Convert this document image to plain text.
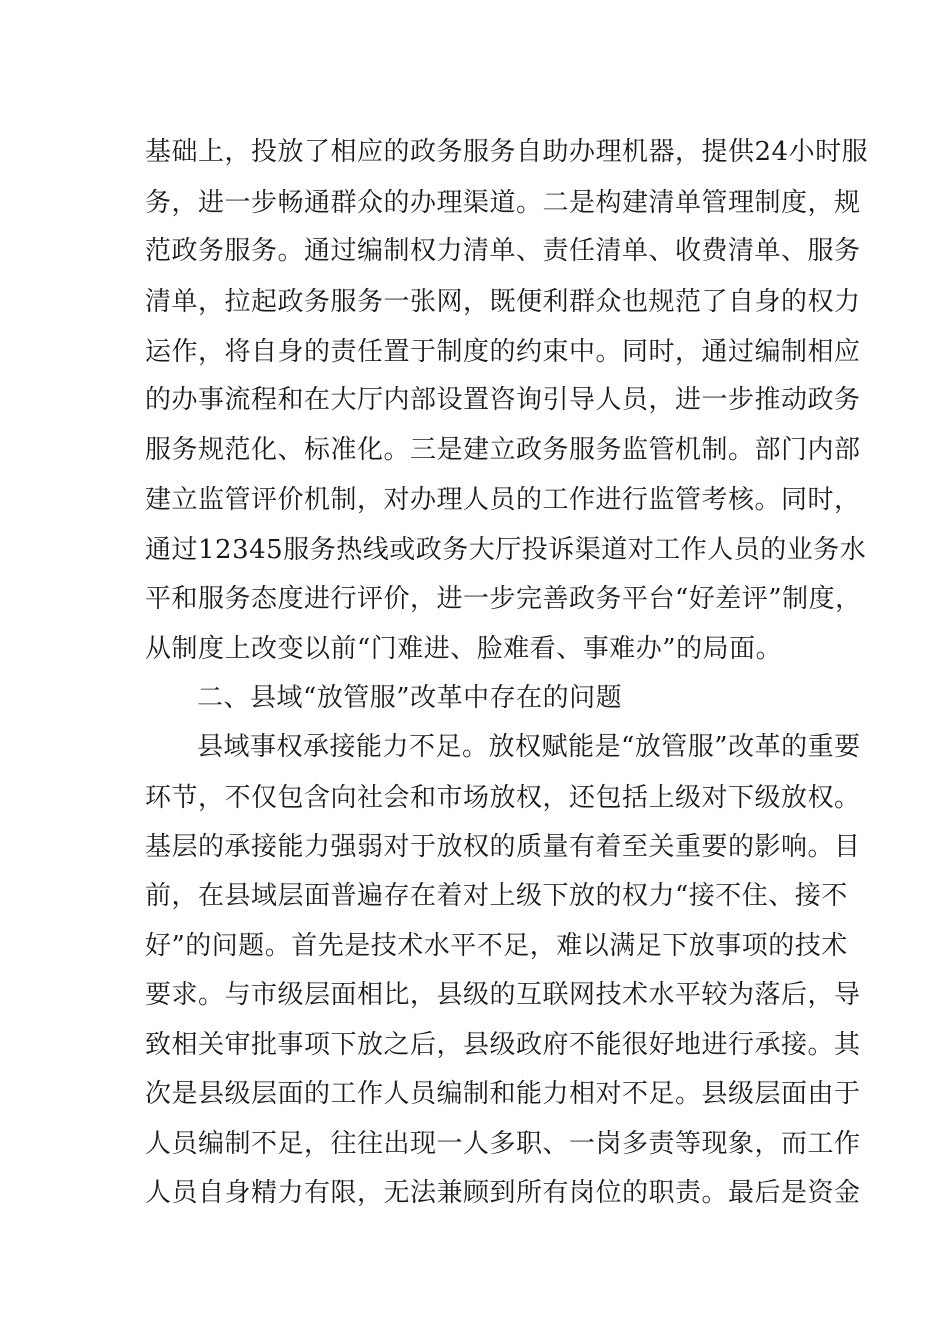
基础上，投放了相应的政务服务自助办理机器，提供24小时服
务，进一步畅通群众的办理渠道。二是构建清单管理制度，规
范政务服务。通过编制权力清单、责任清单、收费清单、服务
清单，拉起政务服务一张网，既便利群众也规范了自身的权力
运作，将自身的责任置于制度的约束中。同时，通过编制相应
的办事流程和在大厅内部设置咨询引导人员，进一步推动政务
服务规范化、标准化。三是建立政务服务监管机制。部门内部
建立监管评价机制，对办理人员的工作进行监管考核。同时，
通过12345服务热线或政务大厅投诉渠道对工作人员的业务水
平和服务态度进行评价，进一步完善政务平台“好差评”制度，
从制度上改变以前“门难进、脸难看、事难办”的局面。
二、县域“放管服”改革中存在的问题
县域事权承接能力不足。放权赋能是“放管服”改革的重要
环节，不仅包含向社会和市场放权，还包括上级对下级放权。
基层的承接能力强弱对于放权的质量有着至关重要的影响。目
前，在县域层面普遍存在着对上级下放的权力“接不住、接不
好”的问题。首先是技术水平不足，难以满足下放事项的技术
要求。与市级层面相比，县级的互联网技术水平较为落后，导
致相关审批事项下放之后，县级政府不能很好地进行承接。其
次是县级层面的工作人员编制和能力相对不足。县级层面由于
人员编制不足，往往出现一人多职、一岗多责等现象，而工作
人员自身精力有限，无法兼顾到所有岗位的职责。最后是资金
